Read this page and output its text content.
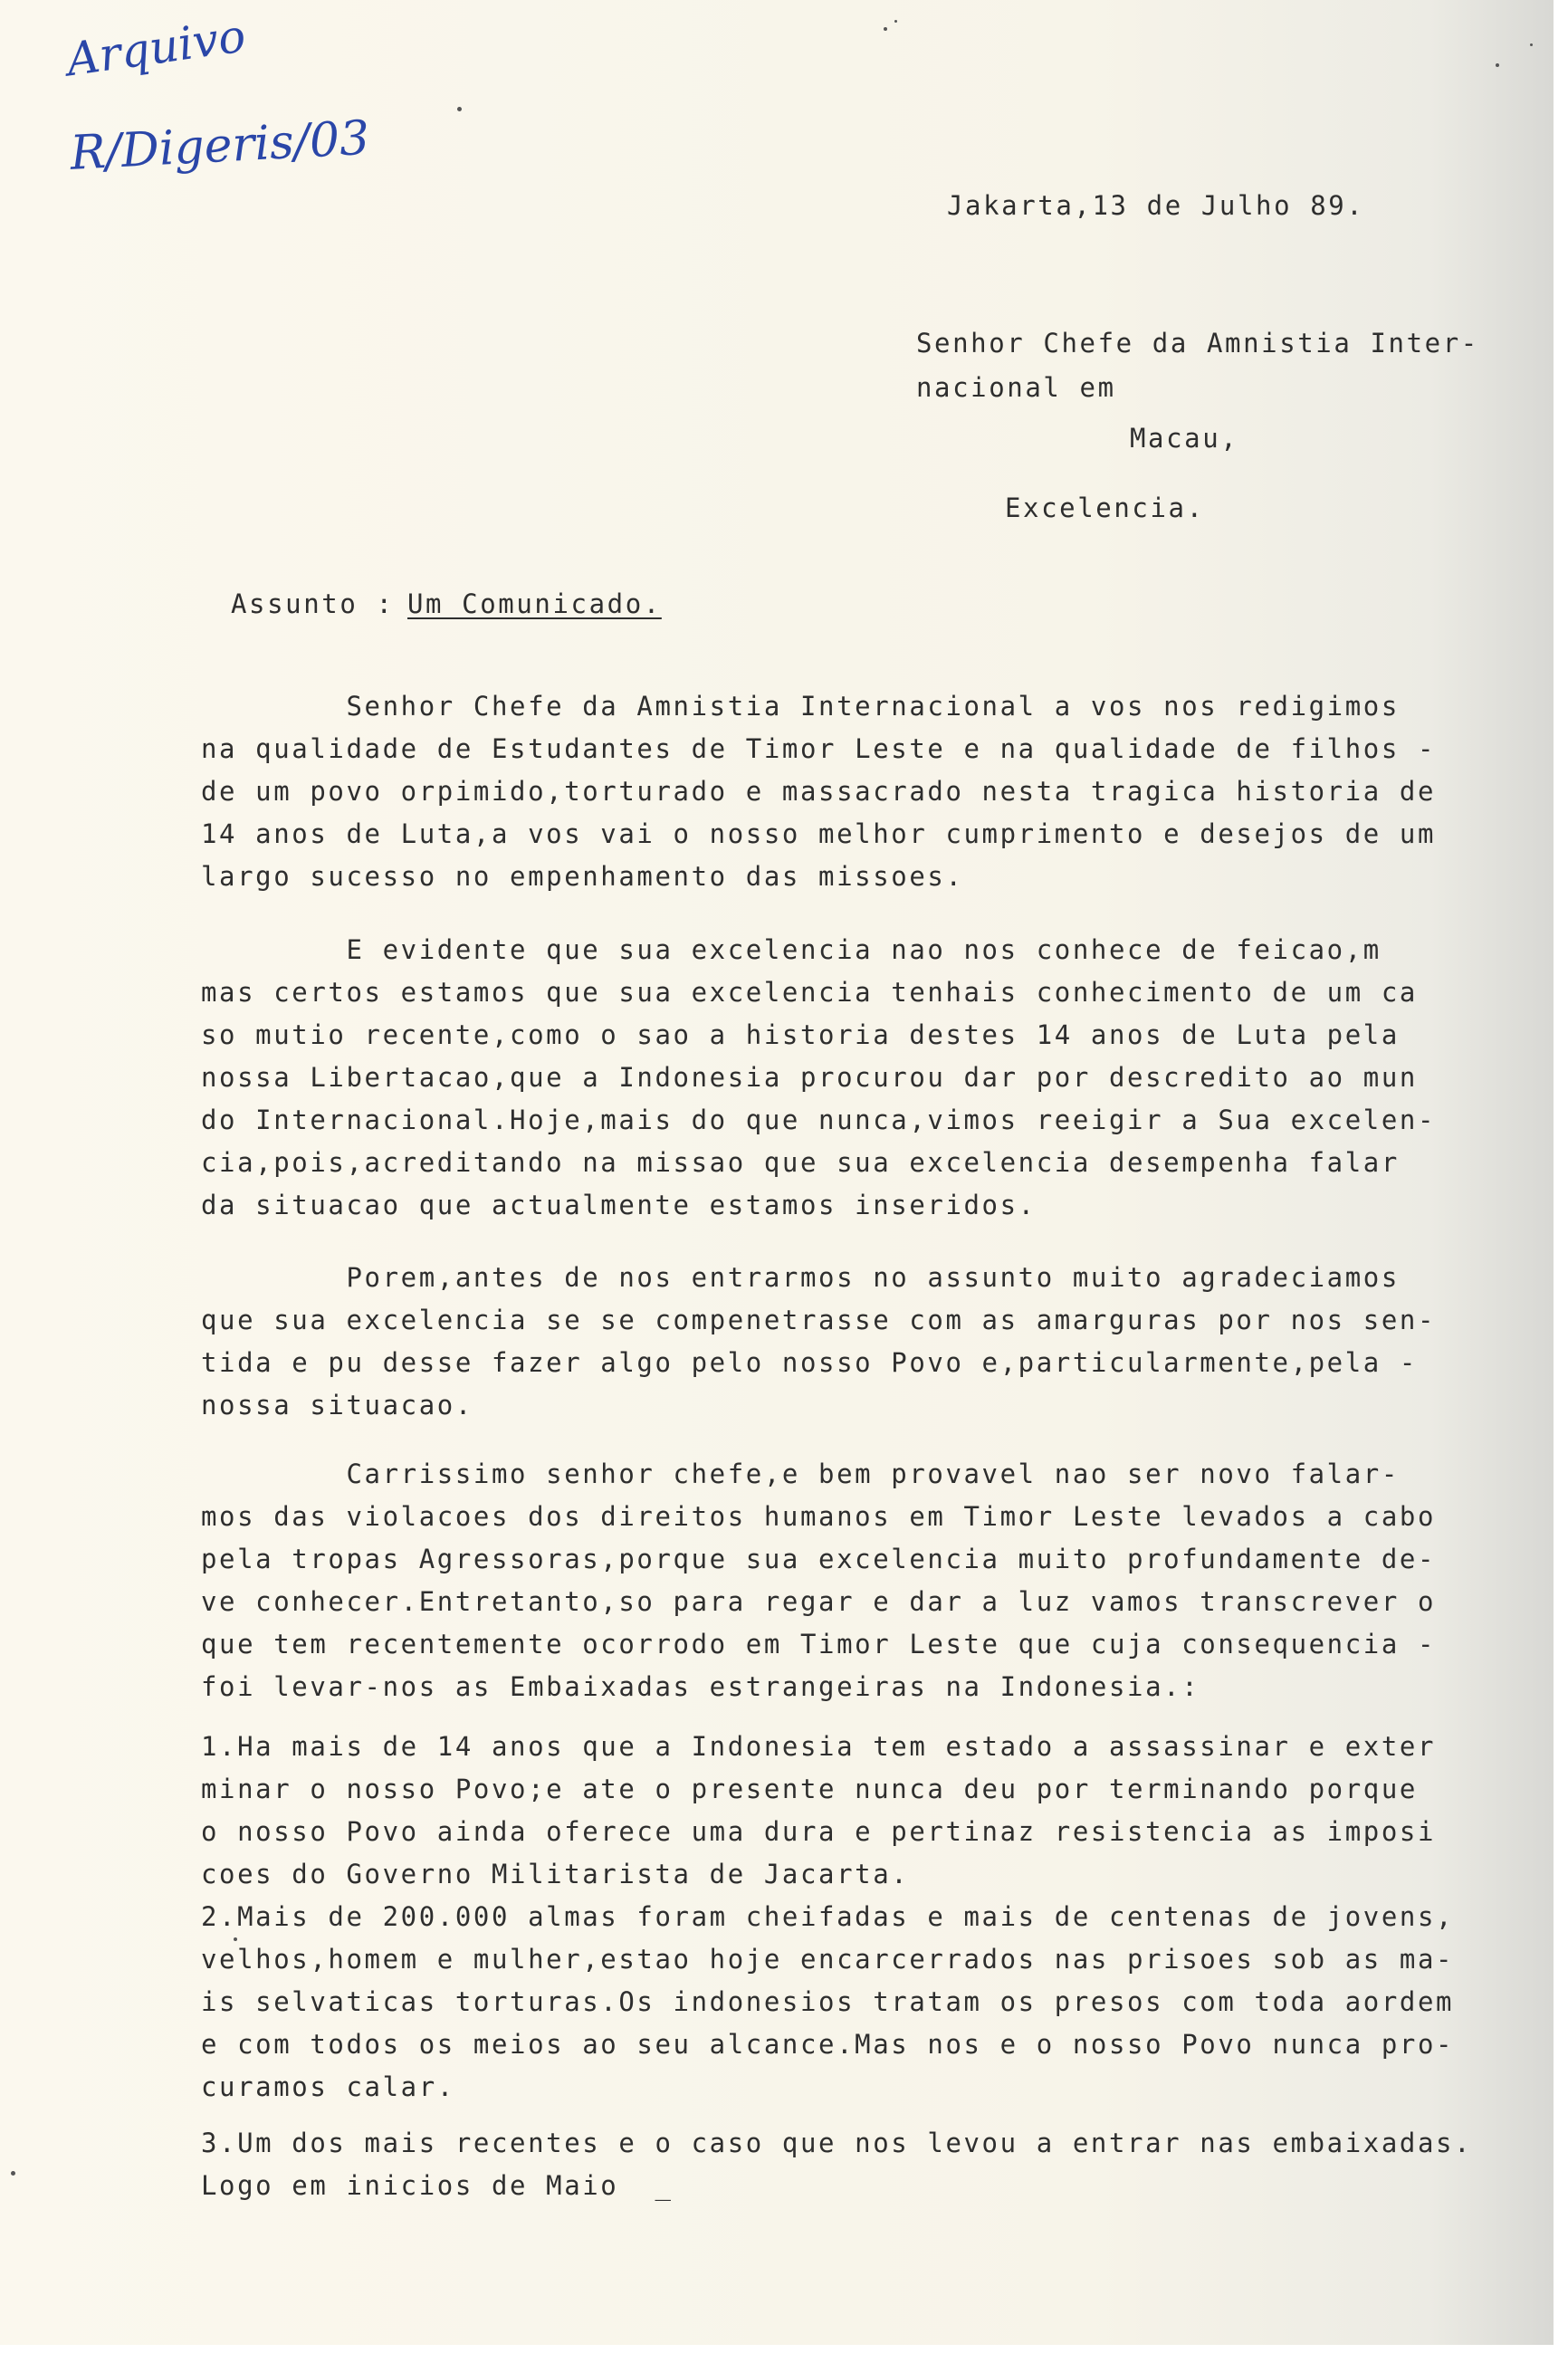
Arquivo
R/Digeris/03

Jakarta,13 de Julho 89.

Senhor Chefe da Amnistia Inter-

nacional em

Macau,

Excelencia.

Assunto : Um Comunicado.

Senhor Chefe da Amnistia Internacional a vos nos redigimos

na qualidade de Estudantes de Timor Leste e na qualidade de filhos -

de um povo orpimido,torturado e massacrado nesta tragica historia de

14 anos de Luta,a vos vai o nosso melhor cumprimento e desejos de um

largo sucesso no empenhamento das missoes.

E evidente que sua excelencia nao nos conhece de feicao,m

mas certos estamos que sua excelencia tenhais conhecimento de um ca

so mutio recente,como o sao a historia destes 14 anos de Luta pela

nossa Libertacao,que a Indonesia procurou dar por descredito ao mun

do Internacional.Hoje,mais do que nunca,vimos reeigir a Sua excelen-

cia,pois,acreditando na missao que sua excelencia desempenha falar

da situacao que actualmente estamos inseridos.

Porem,antes de nos entrarmos no assunto muito agradeciamos

que sua excelencia se se compenetrasse com as amarguras por nos sen-

tida e pu desse fazer algo pelo nosso Povo e,particularmente,pela -

nossa situacao.

Carrissimo senhor chefe,e bem provavel nao ser novo falar-

mos das violacoes dos direitos humanos em Timor Leste levados a cabo

pela tropas Agressoras,porque sua excelencia muito profundamente de-

ve conhecer.Entretanto,so para regar e dar a luz vamos transcrever o

que tem recentemente ocorrodo em Timor Leste que cuja consequencia -

foi levar-nos as Embaixadas estrangeiras na Indonesia.:

1.Ha mais de 14 anos que a Indonesia tem estado a assassinar e exter

minar o nosso Povo;e ate o presente nunca deu por terminando porque

o nosso Povo ainda oferece uma dura e pertinaz resistencia as imposi

coes do Governo Militarista de Jacarta.

2.Mais de 200.000 almas foram cheifadas e mais de centenas de jovens,

velhos,homem e mulher,estao hoje encarcerrados nas prisoes sob as ma-

is selvaticas torturas.Os indonesios tratam os presos com toda aordem

e com todos os meios ao seu alcance.Mas nos e o nosso Povo nunca pro-

curamos calar.

3.Um dos mais recentes e o caso que nos levou a entrar nas embaixadas.

Logo em inicios de Maio  _
